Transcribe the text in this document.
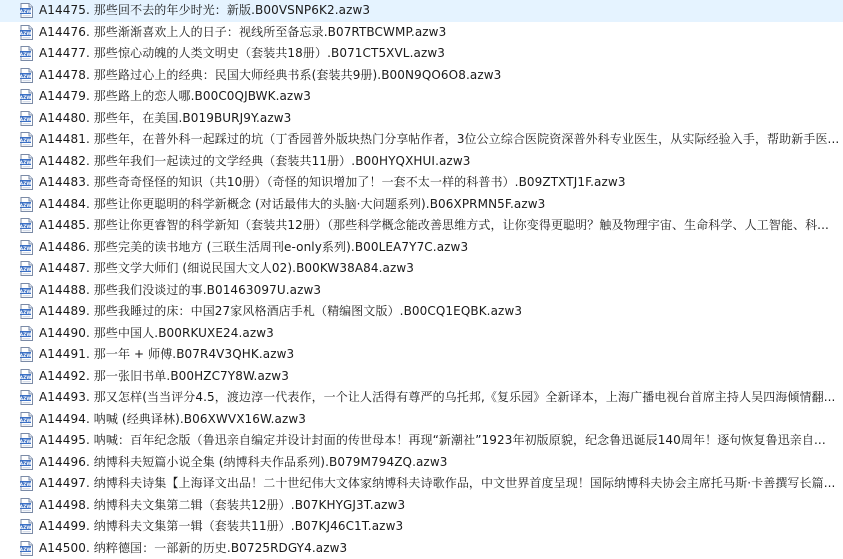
AZW A14475. 那些回不去的年少时光：新版.B00VSNP6K2.azw3
AZW A14476. 那些渐渐喜欢上人的日子：视线所至备忘录.B07RTBCWMP.azw3
AZW A14477. 那些惊心动魄的人类文明史（套装共18册）.B071CT5XVL.azw3
AZW A14478. 那些路过心上的经典：民国大师经典书系(套装共9册).B00N9QO6O8.azw3
AZW A14479. 那些路上的恋人哪.B00C0QJBWK.azw3
AZW A14480. 那些年，在美国.B019BURJ9Y.azw3
AZW A14481. 那些年，在普外科一起踩过的坑（丁香园普外版块热门分享帖作者，3位公立综合医院资深普外科专业医生，从实际经验入手，帮助新手医...
AZW A14482. 那些年我们一起读过的文学经典（套装共11册）.B00HYQXHUI.azw3
AZW A14483. 那些奇奇怪怪的知识（共10册）（奇怪的知识增加了！一套不太一样的科普书）.B09ZTXTJ1F.azw3
AZW A14484. 那些让你更聪明的科学新概念 (对话最伟大的头脑·大问题系列).B06XPRMN5F.azw3
AZW A14485. 那些让你更睿智的科学新知（套装共12册）（那些科学概念能改善思维方式，让你变得更聪明？触及物理宇宙、生命科学、人工智能、科...
AZW A14486. 那些完美的读书地方 (三联生活周刊e-only系列).B00LEA7Y7C.azw3
AZW A14487. 那些文学大师们 (细说民国大文人02).B00KW38A84.azw3
AZW A14488. 那些我们没谈过的事.B01463097U.azw3
AZW A14489. 那些我睡过的床：中国27家风格酒店手札（精编图文版）.B00CQ1EQBK.azw3
AZW A14490. 那些中国人.B00RKUXE24.azw3
AZW A14491. 那一年 + 师傅.B07R4V3QHK.azw3
AZW A14492. 那一张旧书单.B00HZC7Y8W.azw3
AZW A14493. 那又怎样(当当评分4.5，渡边淳一代表作，一个让人活得有尊严的乌托邦,《复乐园》全新译本，上海广播电视台首席主持人吴四海倾情翻...
AZW A14494. 呐喊 (经典译林).B06XWVX16W.azw3
AZW A14495. 呐喊：百年纪念版（鲁迅亲自编定并设计封面的传世母本！再现“新潮社”1923年初版原貌，纪念鲁迅诞辰140周年！逐句恢复鲁迅亲自...
AZW A14496. 纳博科夫短篇小说全集 (纳博科夫作品系列).B079M794ZQ.azw3
AZW A14497. 纳博科夫诗集【上海译文出品！二十世纪伟大文体家纳博科夫诗歌作品，中文世界首度呈现！国际纳博科夫协会主席托马斯·卡善撰写长篇...
AZW A14498. 纳博科夫文集第二辑（套装共12册）.B07KHYGJ3T.azw3
AZW A14499. 纳博科夫文集第一辑（套装共11册）.B07KJ46C1T.azw3
AZW A14500. 纳粹德国：一部新的历史.B0725RDGY4.azw3
